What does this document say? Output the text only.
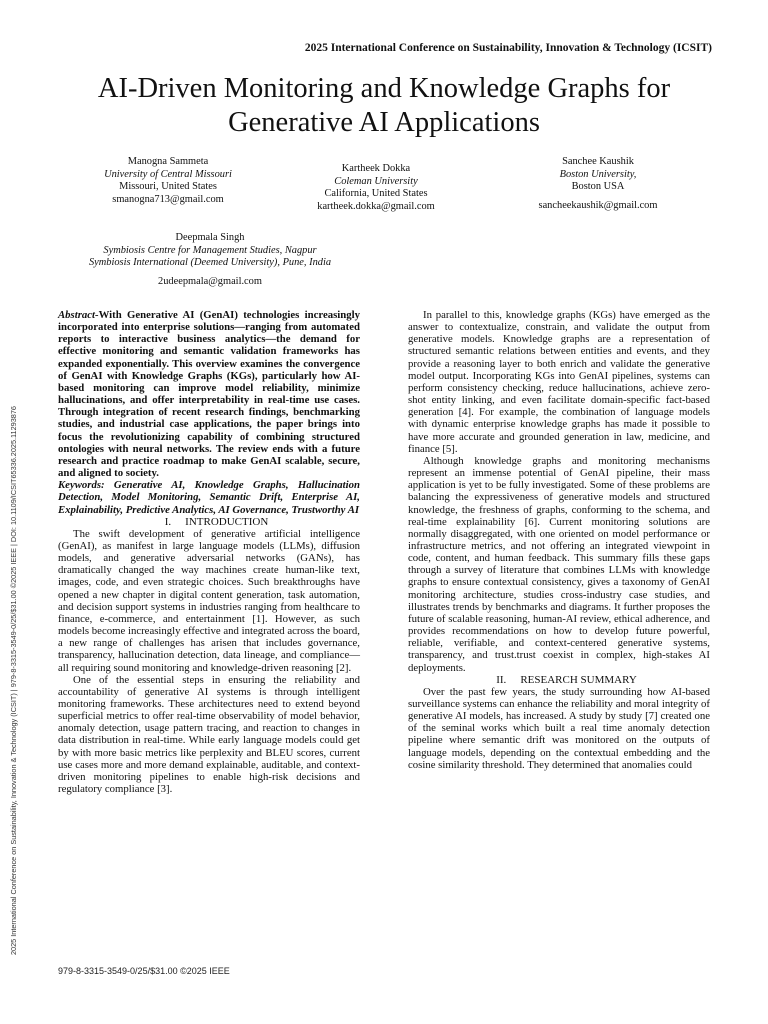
2025 International Conference on Sustainability, Innovation & Technology (ICSIT) | 979-8-3315-3549-0/25/$31.00 ©2025 IEEE | DOI: 10.1109/ICSIT65336.2025.11293876
2025 International Conference on Sustainability, Innovation & Technology (ICSIT)
AI-Driven Monitoring and Knowledge Graphs for
Generative AI Applications
Manogna Sammeta
University of Central Missouri
Missouri, United States
smanogna713@gmail.com
Kartheek Dokka
Coleman University
California, United States
kartheek.dokka@gmail.com
Sanchee Kaushik
Boston University,
Boston USA
sancheekaushik@gmail.com
Deepmala Singh
Symbiosis Centre for Management Studies, Nagpur
Symbiosis International (Deemed University), Pune, India
2udeepmala@gmail.com

Abstract-With Generative AI (GenAI) technologies increasingly incorporated into enterprise solutions—ranging from automated reports to interactive business analytics—the demand for effective monitoring and semantic validation frameworks has expanded exponentially. This overview examines the convergence of GenAI with Knowledge Graphs (KGs), particularly how AI-based monitoring can improve model reliability, minimize hallucinations, and offer interpretability in real-time use cases. Through integration of recent research findings, benchmarking studies, and industrial case applications, the paper brings into focus the revolutionizing capability of combining structured ontologies with neural networks. The review ends with a future research and practice roadmap to make GenAI scalable, secure, and aligned to society.

Keywords: Generative AI, Knowledge Graphs, Hallucination Detection, Model Monitoring, Semantic Drift, Enterprise AI, Explainability, Predictive Analytics, AI Governance, Trustworthy AI

I. INTRODUCTION

The swift development of generative artificial intelligence (GenAI), as manifest in large language models (LLMs), diffusion models, and generative adversarial networks (GANs), has dramatically changed the way machines create human-like text, images, code, and even strategic choices. Such breakthroughs have opened a new chapter in digital content generation, task automation, and decision support systems in industries ranging from healthcare to finance, e-commerce, and entertainment [1]. However, as such models become increasingly effective and integrated across the board, a new range of challenges has arisen that includes governance, transparency, hallucination detection, data lineage, and compliance—all requiring sound monitoring and knowledge-driven reasoning [2].

One of the essential steps in ensuring the reliability and accountability of generative AI systems is through intelligent monitoring frameworks. These architectures need to extend beyond superficial metrics to offer real-time observability of model behavior, anomaly detection, usage pattern tracing, and reaction to changes in data distribution in real-time. While early language models could get by with more basic metrics like perplexity and BLEU scores, current use cases more and more demand explainable, auditable, and context-driven monitoring pipelines to enable high-risk decisions and regulatory compliance [3].

In parallel to this, knowledge graphs (KGs) have emerged as the answer to contextualize, constrain, and validate the output from generative models. Knowledge graphs are a representation of structured semantic relations between entities and events, and they provide a reasoning layer to both enrich and validate the generative model output. Incorporating KGs into GenAI pipelines, systems can perform consistency checking, reduce hallucinations, achieve zero-shot entity linking, and even facilitate domain-specific fact-based generation [4]. For example, the combination of language models with dynamic enterprise knowledge graphs has made it possible to have more accurate and grounded generation in law, medicine, and finance [5].

Although knowledge graphs and monitoring mechanisms represent an immense potential of GenAI pipeline, their mass application is yet to be fully investigated. Some of these problems are balancing the expressiveness of generative models and structured knowledge, the freshness of graphs, conforming to the schema, and real-time explainability [6]. Current monitoring solutions are normally disaggregated, with one oriented on model performance or infrastructure metrics, and not offering an integrated viewpoint in code, content, and human feedback. This summary fills these gaps through a survey of literature that combines LLMs with knowledge graphs to ensure contextual consistency, gives a taxonomy of GenAI monitoring architecture, studies cross-industry case studies, and illustrates trends by benchmarks and diagrams. It further proposes the future of scalable reasoning, human-AI review, ethical adherence, and provides recommendations on how to develop future powerful, reliable, verifiable, and context-centered generative systems, transparency, and trust.trust coexist in complex, high-stakes AI deployments.

II. RESEARCH SUMMARY

Over the past few years, the study surrounding how AI-based surveillance systems can enhance the reliability and moral integrity of generative AI models, has increased. A study by study [7] created one of the seminal works which built a real time anomaly detection pipeline where semantic drift was monitored on the outputs of language models, depending on the contextual embedding and the cosine similarity threshold. They determined that anomalies could

979-8-3315-3549-0/25/$31.00 ©2025 IEEE
